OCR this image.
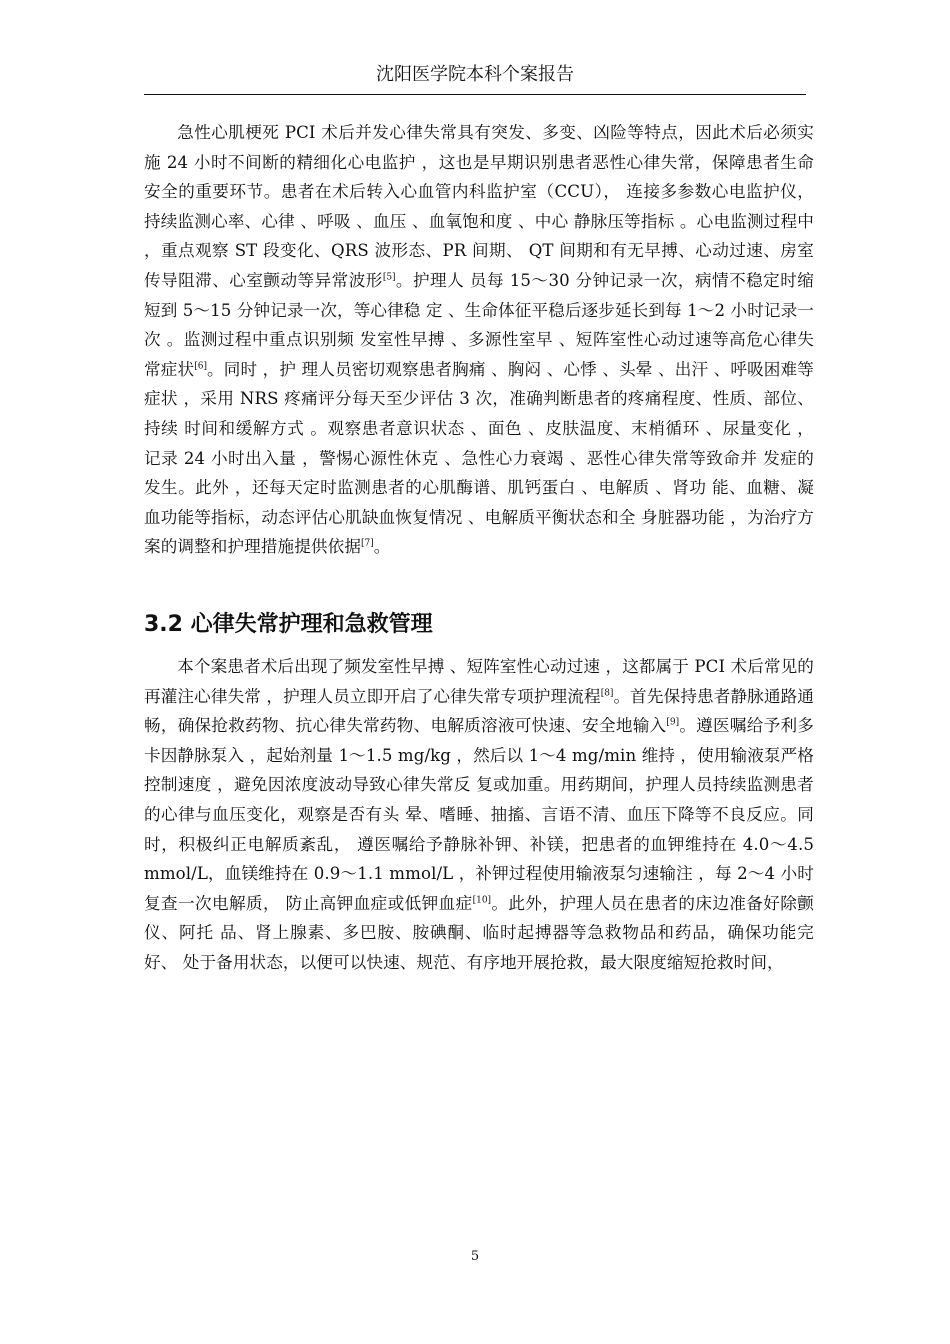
沈阳医学院本科个案报告

急性心肌梗死 PCI 术后并发心律失常具有突发、多变、凶险等特点，因此术后必须实施 24 小时不间断的精细化心电监护 ，这也是早期识别患者恶性心律失常，保障患者生命安全的重要环节。患者在术后转入心血管内科监护室（CCU）， 连接多参数心电监护仪，持续监测心率、心律 、呼吸 、血压 、血氧饱和度 、中心 静脉压等指标 。心电监测过程中 ，重点观察 ST 段变化、QRS 波形态、PR 间期、 QT 间期和有无早搏、心动过速、房室传导阻滞、心室颤动等异常波形[5]。护理人 员每 15～30 分钟记录一次，病情不稳定时缩短到 5～15 分钟记录一次，等心律稳 定 、生命体征平稳后逐步延长到每 1～2 小时记录一次 。监测过程中重点识别频 发室性早搏 、多源性室早 、短阵室性心动过速等高危心律失常症状[6]。同时 ，护 理人员密切观察患者胸痛 、胸闷 、心悸 、头晕 、出汗 、呼吸困难等症状 ，采用 NRS 疼痛评分每天至少评估 3 次，准确判断患者的疼痛程度、性质、部位、持续 时间和缓解方式 。观察患者意识状态 、面色 、皮肤温度、末梢循环 、尿量变化 ， 记录 24 小时出入量 ，警惕心源性休克 、急性心力衰竭 、恶性心律失常等致命并 发症的发生。此外 ，还每天定时监测患者的心肌酶谱、肌钙蛋白 、电解质 、肾功 能、血糖、凝血功能等指标，动态评估心肌缺血恢复情况 、电解质平衡状态和全 身脏器功能 ，为治疗方案的调整和护理措施提供依据[7]。

3.2 心律失常护理和急救管理

本个案患者术后出现了频发室性早搏 、短阵室性心动过速 ，这都属于 PCI 术后常见的再灌注心律失常 ，护理人员立即开启了心律失常专项护理流程[8]。首先保持患者静脉通路通畅，确保抢救药物、抗心律失常药物、电解质溶液可快速、安全地输入[9]。遵医嘱给予利多卡因静脉泵入 ，起始剂量 1～1.5 mg/kg ，然后以 1～4 mg/min 维持 ，使用输液泵严格控制速度 ，避免因浓度波动导致心律失常反 复或加重。用药期间，护理人员持续监测患者的心律与血压变化，观察是否有头 晕、嗜睡、抽搐、言语不清、血压下降等不良反应。同时，积极纠正电解质紊乱， 遵医嘱给予静脉补钾、补镁，把患者的血钾维持在 4.0～4.5 mmol/L，血镁维持在 0.9～1.1 mmol/L ，补钾过程使用输液泵匀速输注 ，每 2～4 小时复查一次电解质， 防止高钾血症或低钾血症[10]。此外，护理人员在患者的床边准备好除颤仪、阿托 品、肾上腺素、多巴胺、胺碘酮、临时起搏器等急救物品和药品，确保功能完好、 处于备用状态，以便可以快速、规范、有序地开展抢救，最大限度缩短抢救时间，

5
